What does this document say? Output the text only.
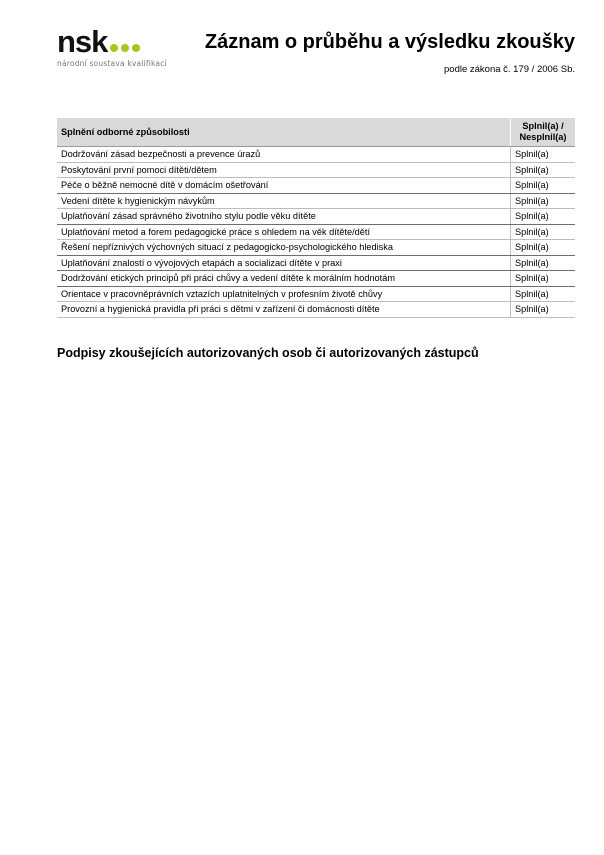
nsk
národní soustava kvalifikací
Záznam o průběhu a výsledku zkoušky
podle zákona č. 179 / 2006 Sb.
Splnění odborné způsobilosti	Splnil(a) /
Nesplnil(a)
Dodržování zásad bezpečnosti a prevence úrazů	Splnil(a)
Poskytování první pomoci dítěti/dětem	Splnil(a)
Péče o běžně nemocné dítě v domácím ošetřování	Splnil(a)
Vedení dítěte k hygienickým návykům	Splnil(a)
Uplatňování zásad správného životního stylu podle věku dítěte	Splnil(a)
Uplatňování metod a forem pedagogické práce s ohledem na věk dítěte/dětí	Splnil(a)
Řešení nepříznivých výchovných situací z pedagogicko-psychologického hlediska	Splnil(a)
Uplatňování znalostí o vývojových etapách a socializaci dítěte v praxi	Splnil(a)
Dodržování etických principů při práci chůvy a vedení dítěte k morálním hodnotám	Splnil(a)
Orientace v pracovněprávních vztazích uplatnitelných v profesním životě chůvy	Splnil(a)
Provozní a hygienická pravidla při práci s dětmi v zařízení či domácnosti dítěte	Splnil(a)
Podpisy zkoušejících autorizovaných osob či autorizovaných zástupců
